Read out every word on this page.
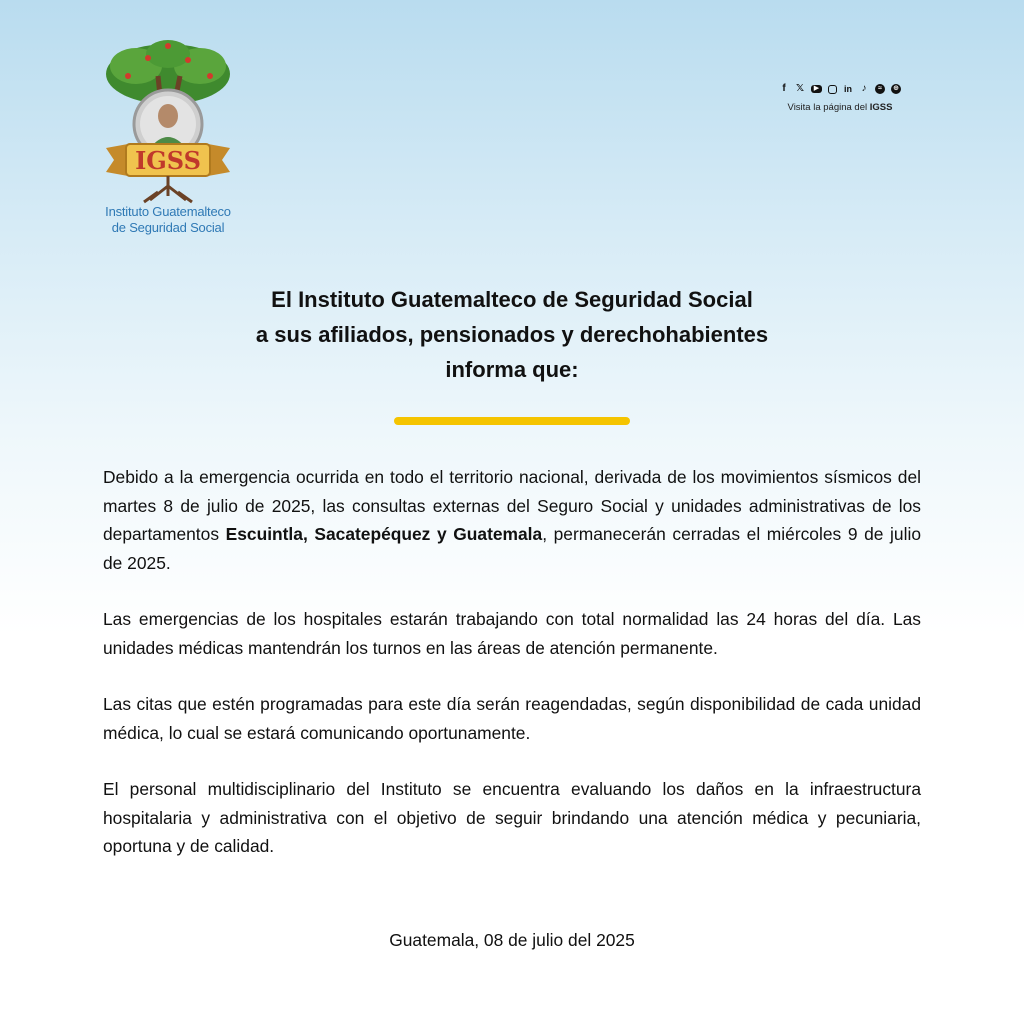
IGSS
Instituto Guatemalteco
de Seguridad Social
f	𝕏	▶	in ♪	≈	⊕
Visita la página del IGSS
El Instituto Guatemalteco de Seguridad Social
a sus afiliados, pensionados y derechohabientes
informa que:

Debido a la emergencia ocurrida en todo el territorio nacional, derivada de los movimientos sísmicos del martes 8 de julio de 2025, las consultas externas del Seguro Social y unidades administrativas de los departamentos Escuintla, Sacatepéquez y Guatemala, permanecerán cerradas el miércoles 9 de julio de 2025.

Las emergencias de los hospitales estarán trabajando con total normalidad las 24 horas del día. Las unidades médicas mantendrán los turnos en las áreas de atención permanente.

Las citas que estén programadas para este día serán reagendadas, según disponibilidad de cada unidad médica, lo cual se estará comunicando oportunamente.

El personal multidisciplinario del Instituto se encuentra evaluando los daños en la infraestructura hospitalaria y administrativa con el objetivo de seguir brindando una atención médica y pecuniaria, oportuna y de calidad.

Guatemala, 08 de julio del 2025
